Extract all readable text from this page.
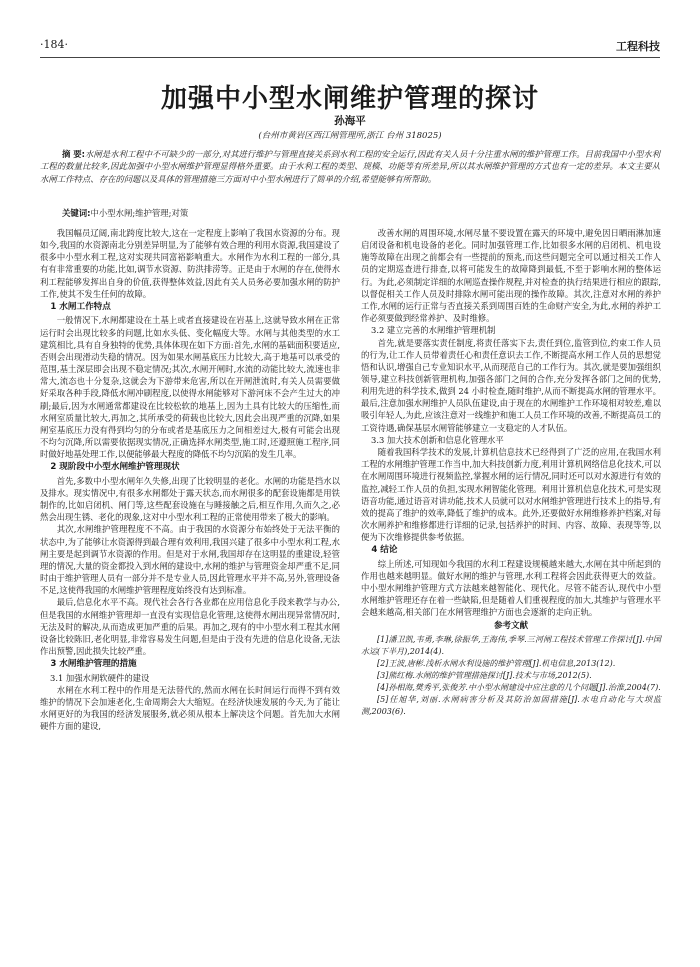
·184·	工程科技
加强中小型水闸维护管理的探讨
孙海平
(台州市黄岩区西江闸管理所,浙江 台州 318025)
摘 要:水闸是水利工程中不可缺少的一部分,对其进行维护与管理直接关系到水利工程的安全运行,因此有关人员十分注重水闸的维护管理工作。目前我国中小型水利工程的数量比较多,因此加强中小型水闸维护管理显得格外重要。由于水利工程的类型、规模、功能等有所差异,所以其水闸维护管理的方式也有一定的差异。本文主要从水闸工作特点、存在的问题以及具体的管理措施三方面对中小型水闸进行了简单的介绍,希望能够有所帮助。
关键词:中小型水闸;维护管理;对策

我国幅员辽阔,南北跨度比较大,这在一定程度上影响了我国水资源的分布。现如今,我国的水资源南北分别差异明显,为了能够有效合理的利用水资源,我国建设了很多中小型水利工程,这对实现共同富裕影响重大。水闸作为水利工程的一部分,具有有非常重要的功能,比如,调节水资源、防洪排涝等。正是由于水闸的存在,使得水利工程能够发挥出自身的价值,获得整体效益,因此有关人员务必要加强水闸的防护工作,使其不发生任何的故障。

1 水闸工作特点

一般情况下,水闸都建设在土基上或者直接建设在岩基上,这就导致水闸在正常运行时会出现比较多的问题,比如水头低、变化幅度大等。水闸与其他类型的水工建筑相比,具有自身独特的优势,具体体现在如下方面:首先,水闸的基础面积要适应,否则会出现滑动失稳的情况。因为如果水闸基底压力比较大,高于地基可以承受的范围,基土深层即会出现不稳定情况;其次,水闸开闸时,水流的动能比较大,流速也非常大,流态也十分复杂,这就会为下游带来危害,所以在开闸泄流时,有关人员需要做好采取各种手段,降低水闸冲刷程度,以使得水闸能够对下游河床不会产生过大的冲刷;最后,因为水闸通常都建设在比较松软的地基上,因为土具有比较大的压缩性,而水闸室质量比较大,再加之,其所承受的荷载也比较大,因此会出现严重的沉降,如果闸室基底压力没有得到均匀的分布或者是基底压力之间相差过大,极有可能会出现不均匀沉降,所以需要依据现实情况,正确选择水闸类型,施工时,还遵照施工程序,同时做好地基处理工作,以便能够最大程度的降低不均匀沉陷的发生几率。

2 现阶段中小型水闸维护管理现状

首先,多数中小型水闸年久失修,出现了比较明显的老化。水闸的功能是挡水以及排水。现实情况中,有很多水闸都处于露天状态,而水闸很多的配套设施都是用铁制作的,比如启闭机、闸门等,这些配套设施在与睡接触之后,相互作用,久而久之,必然会出现生锈、老化的现象,这对中小型水利工程的正常使用带来了极大的影响。

其次,水闸维护管理程度不不高。由于我国的水资源分布始终处于无法平衡的状态中,为了能够让水资源得到最合理有效利用,我国兴建了很多中小型水利工程,水闸主要是起到调节水资源的作用。但是对于水闸,我国却存在这明显的重建设,轻管理的情况,大量的资金都投入到水闸的建设中,水闸的维护与管理资金却严重不足,同时由于维护管理人员有一部分并不是专业人员,因此管理水平并不高,另外,管理设备不足,这使得我国的水闸维护管理程度始终没有达到标准。

最后,信息化水平不高。现代社会各行各业都在应用信息化手段来教学与办公,但是我国的水闸维护管理却一直没有实现信息化管理,这使得水闸出现异常情况时,无法及时的解决,从而造成更加严重的后果。再加之,现有的中小型水利工程其水闸设备比较陈旧,老化明显,非常容易发生问题,但是由于没有先进的信息化设备,无法作出预警,因此损失比较严重。

3 水闸维护管理的措施
3.1 加强水闸软硬件的建设

水闸在水利工程中的作用是无法替代的,然而水闸在长时间运行而得不到有效维护的情况下会加速老化,生命周期会大大缩短。在经济快速发展的今天,为了能让水闸更好的为我国的经济发展服务,就必须从根本上解决这个问题。首先加大水闸硬件方面的建设,

改善水闸的周围环境,水闸尽量不要设置在露天的环境中,避免因日晒雨淋加速启闭设备和机电设备的老化。同时加强管理工作,比如很多水闸的启闭机、机电设施等故障在出现之前都会有一些提前的预兆,而这些问题完全可以通过相关工作人员的定期巡查进行排查,以将可能发生的故障降到最低,不至于影响水闸的整体运行。为此,必须制定详细的水闸巡查操作规程,并对检查的执行结果进行相应的跟踪,以督促相关工作人员及时排除水闸可能出现的操作故障。其次,注意对水闸的养护工作,水闸的运行正常与否直接关系到周围百姓的生命财产安全,为此,水闸的养护工作必须要做到经常养护、及时维修。

3.2 建立完善的水闸维护管理机制

首先,就是要落实责任制度,将责任落实下去,责任到位,监管到位,约束工作人员的行为,让工作人员带着责任心和责任意识去工作,不断提高水闸工作人员的思想觉悟和认识,增强自己专业知识水平,从而现范自己的工作行为。其次,就是要加强组织领导,建立科技创新管理机构,加强各部门之间的合作,充分发挥各部门之间的优势,利用先进的科学技术,做到 24 小时检查,随时维护,从而不断提高水闸的管理水平。最后,注意加强水闸维护人员队伍建设,由于现在的水闸维护工作环境相对较差,难以吸引年轻人,为此,应该注意对一线维护和施工人员工作环境的改善,不断提高员工的工资待遇,确保基层水闸管能够建立一支稳定的人才队伍。

3.3 加大技术创新和信息化管理水平

随着我国科学技术的发展,计算机信息技术已经得到了广泛的应用,在我国水利工程的水闸维护管理工作当中,加大科技创新力度,利用计算机网络信息化技术,可以在水闸周围环境进行视频监控,掌握水闸的运行情况,同时还可以对水源进行有效的监控,减轻工作人员的负担,实现水闸智能化管理。利用计算机信息化技术,可是实现语音功能,通过语音对讲功能,技术人员就可以对水闸维护管理进行技术上的指导,有效的提高了维护的效率,降低了维护的成本。此外,还要做好水闸维修养护档案,对每次水闸养护和维修都进行详细的记录,包括养护的时间、内容、故障、表现等等,以便为下次维修提供参考依据。

4 结论

综上所述,可知现如今我国的水利工程建设规模越来越大,水闸在其中所起到的作用也越来越明显。做好水闸的维护与管理,水利工程将会因此获得更大的效益。中小型水闸维护管理方式方法越来越智能化、现代化。尽管不能否认,现代中小型水闸维护管理还存在着一些缺陷,但是随着人们重视程度的加大,其维护与管理水平会越来越高,相关部门在水闸管理维护方面也会逐渐的走向正轨。

参考文献

[1]潘卫凯,韦勇,李琳,徐振华,王海伟,季琴.三河闸工程技术管理工作探讨[J].中国水运(下半月),2014(4).

[2]王波,唐彬.浅析水闸水利设施的维护管理[J].机电信息,2013(12).

[3]熊红梅.水闸的维护管理措施探讨[J].技术与市场,2012(5).

[4]孙相海,樊秀平,张俊芳.中小型水闸建设中应注意的几个问题[J].治淮,2004(7).

[5]任旭华,刘丽.水闸病害分析及其防治加固措施[J].水电自动化与大坝监测,2003(6).
